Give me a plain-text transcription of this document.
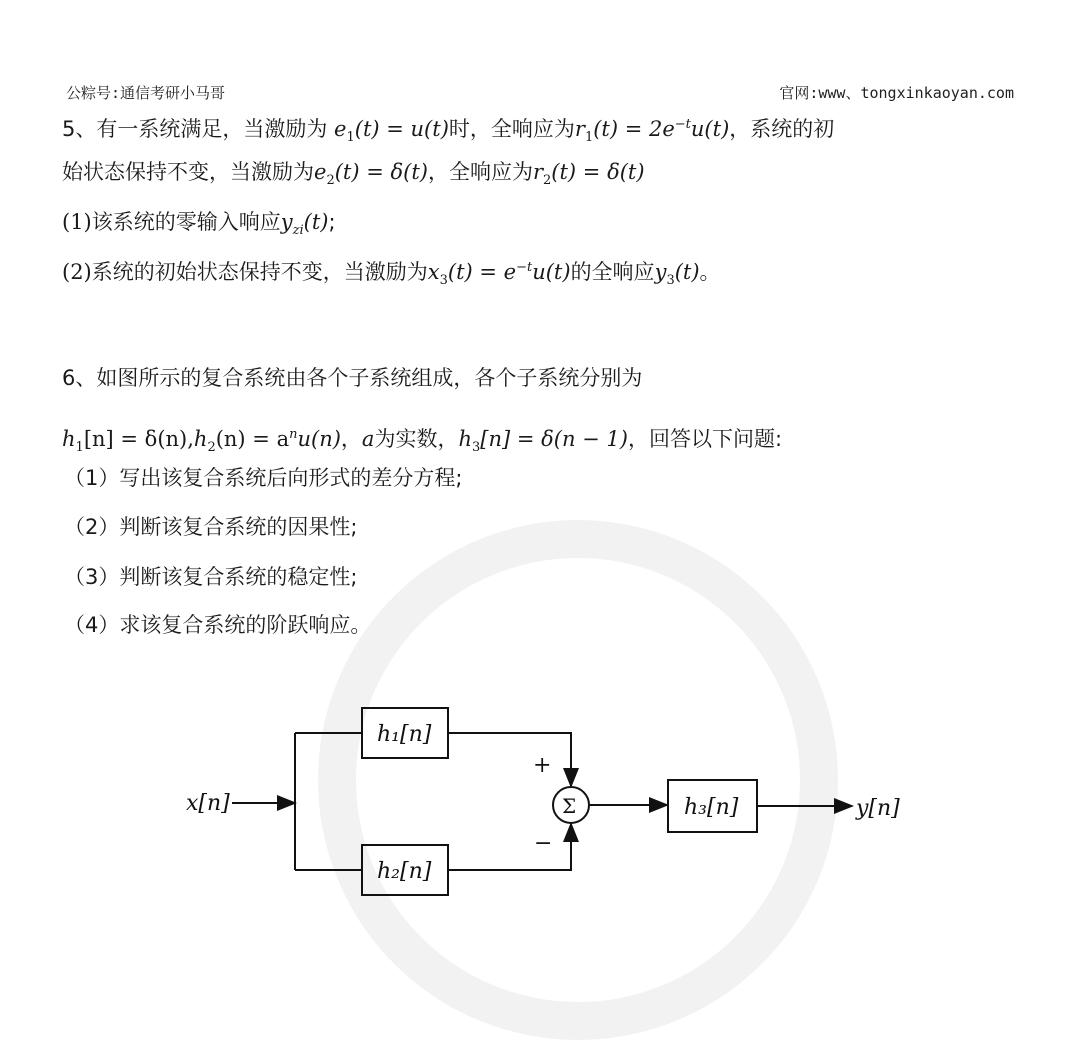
公粽号:通信考研小马哥	官网:www、tongxinkaoyan.com
5、有一系统满足，当激励为 $e_1(t) = u(t)$时，全响应为$r_1(t) = 2e^{-t}u(t)$，系统的初
始状态保持不变，当激励为$e_2(t) = \delta(t)$，全响应为$r_2(t) = \delta(t)$
(1)该系统的零输入响应$y_{zi}(t)$;
(2)系统的初始状态保持不变，当激励为$x_3(t) = e^{-t}u(t)$的全响应$y_3(t)$。
6、如图所示的复合系统由各个子系统组成，各个子系统分别为
$h_1[n] = \delta(n),h_2(n) = a^nu(n)$，a为实数，$h_3[n] = \delta(n - 1)$，回答以下问题:
（1）写出该复合系统后向形式的差分方程;
（2）判断该复合系统的因果性;
（3）判断该复合系统的稳定性;
（4）求该复合系统的阶跃响应。
x[n]
h₁[n]
h₂[n]
h₃[n]
Σ
+
−
y[n]
